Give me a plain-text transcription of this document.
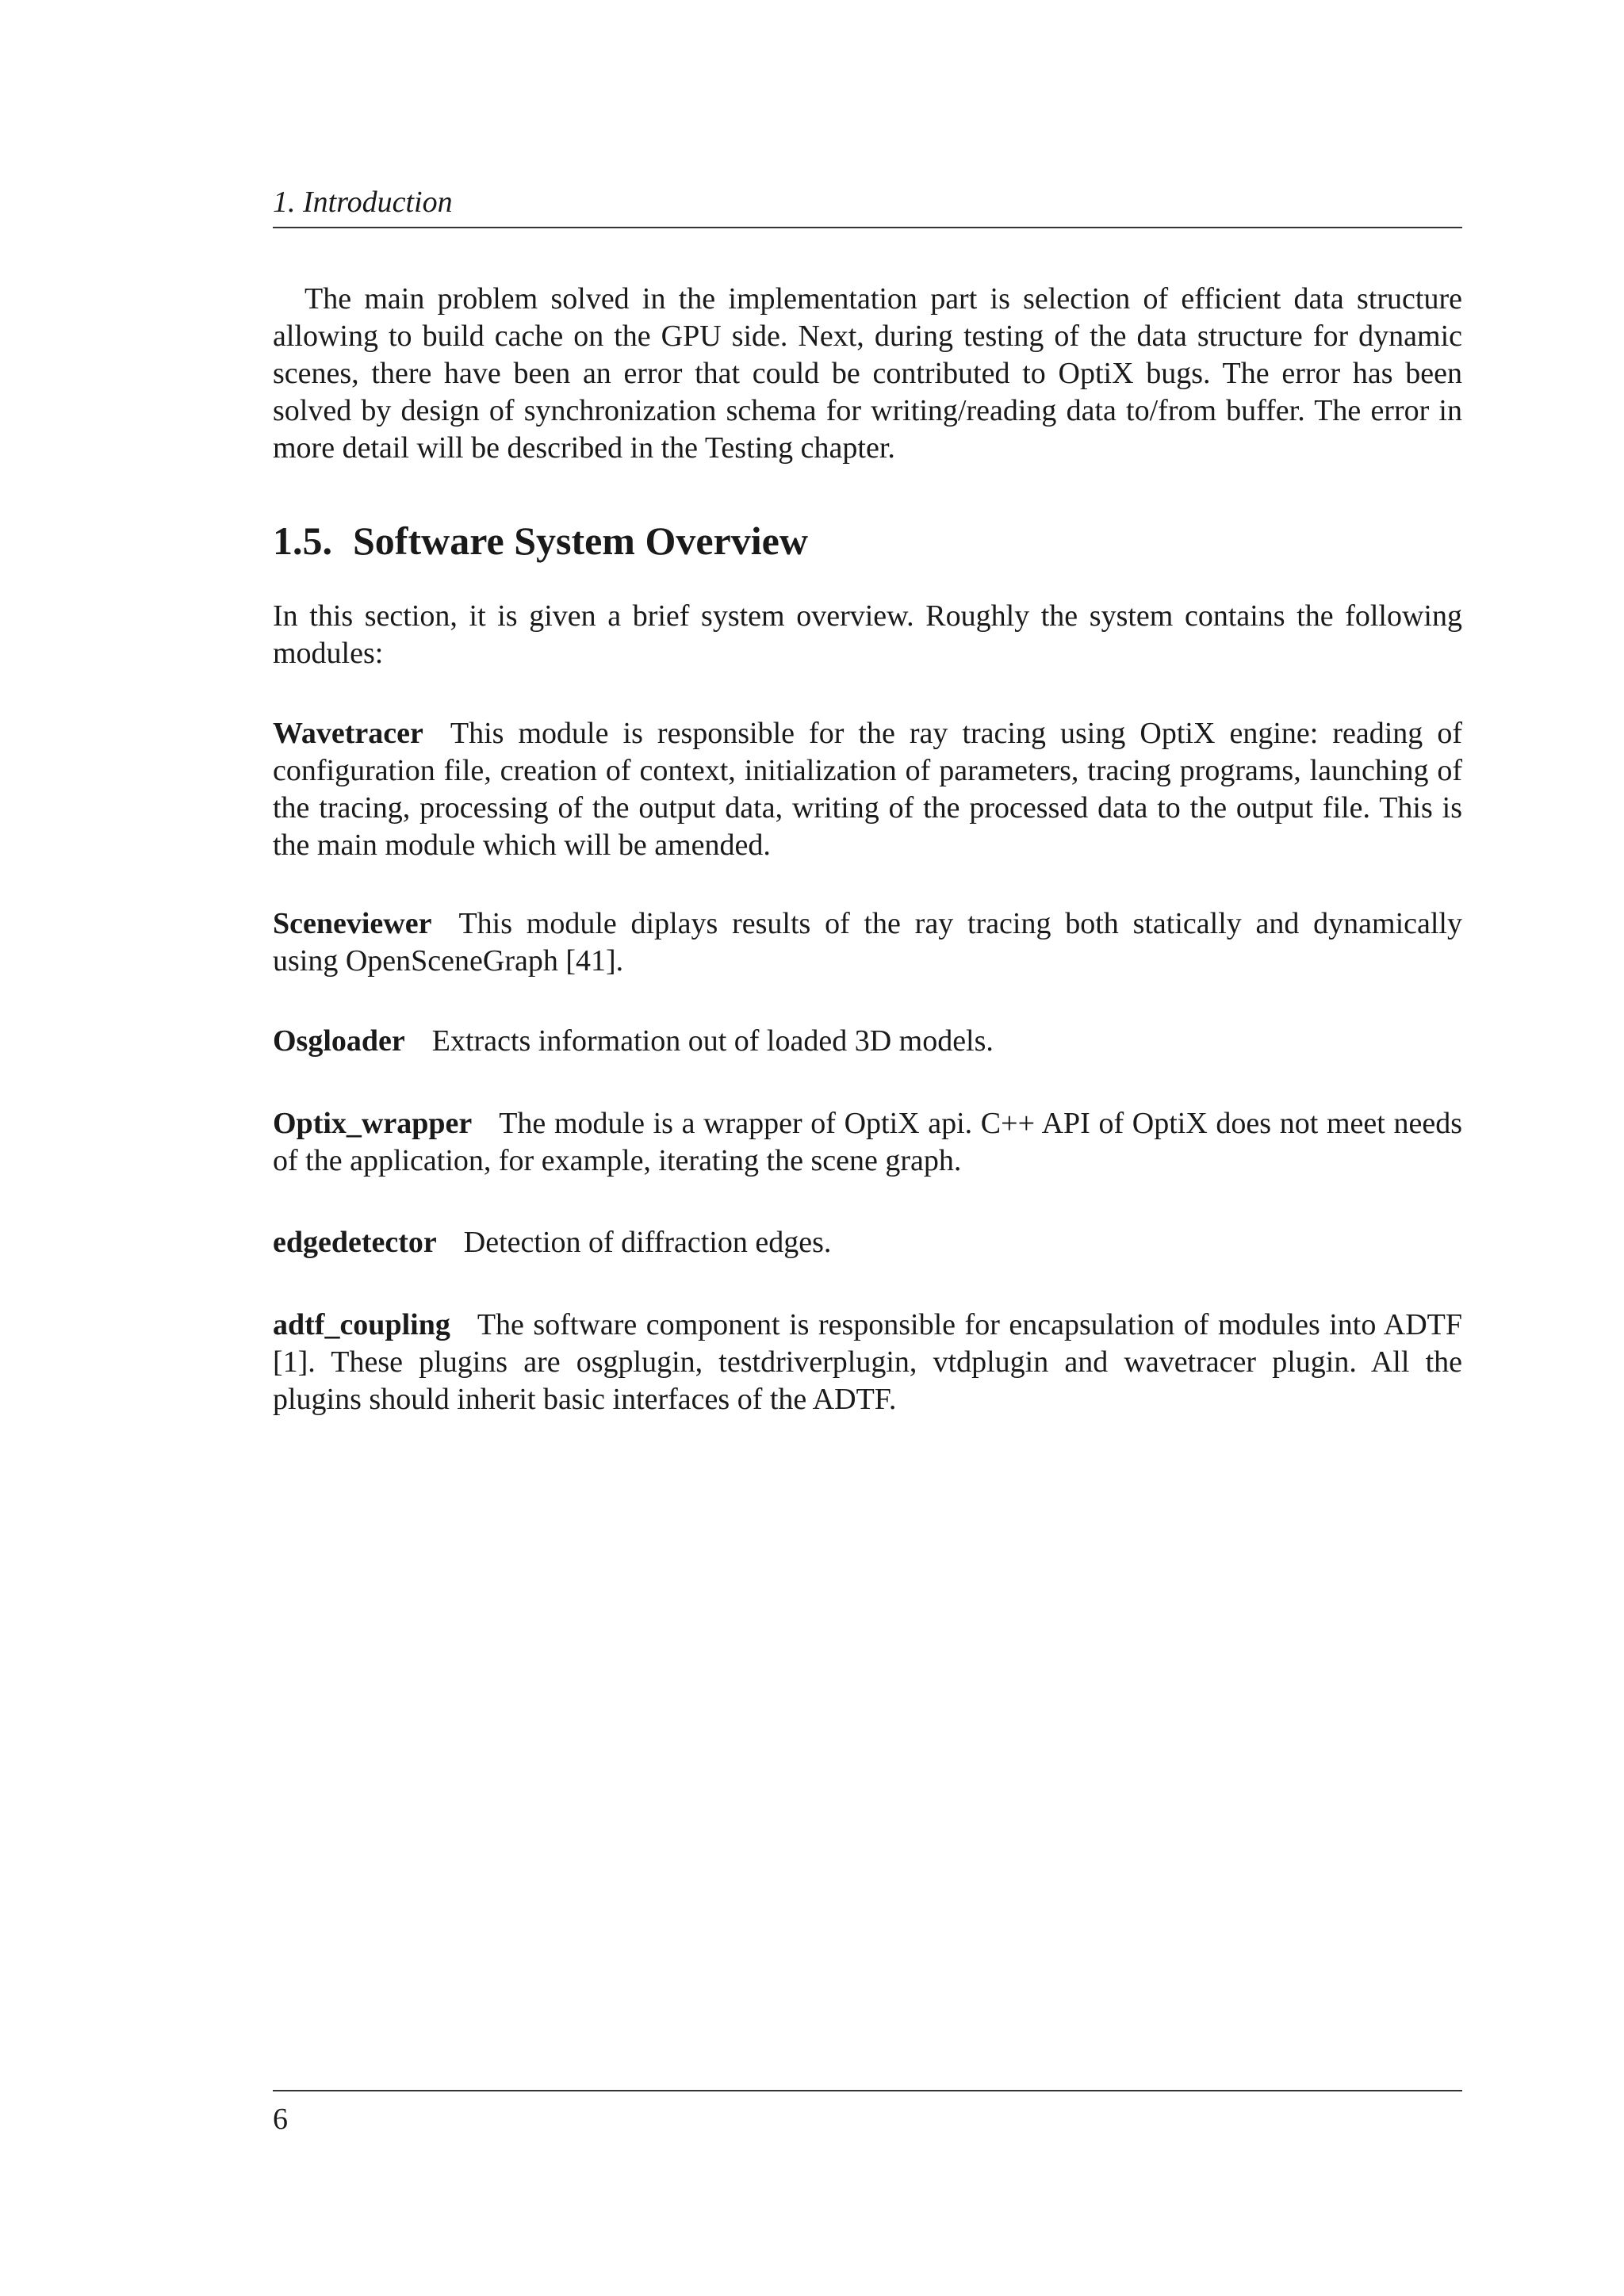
1. Introduction

The main problem solved in the implementation part is selection of efficient data structure allowing to build cache on the GPU side. Next, during testing of the data structure for dynamic scenes, there have been an error that could be contributed to OptiX bugs. The error has been solved by design of synchronization schema for writing/reading data to/from buffer. The error in more detail will be described in the Testing chapter.

1.5. Software System Overview

In this section, it is given a brief system overview. Roughly the system contains the following modules:

Wavetracer This module is responsible for the ray tracing using OptiX engine: reading of configuration file, creation of context, initialization of parameters, tracing programs, launching of the tracing, processing of the output data, writing of the processed data to the output file. This is the main module which will be amended.

Sceneviewer This module diplays results of the ray tracing both statically and dynamically using OpenSceneGraph [41].

Osgloader Extracts information out of loaded 3D models.

Optix_wrapper The module is a wrapper of OptiX api. C++ API of OptiX does not meet needs of the application, for example, iterating the scene graph.

edgedetector Detection of diffraction edges.

adtf_coupling The software component is responsible for encapsulation of modules into ADTF [1]. These plugins are osgplugin, testdriverplugin, vtdplugin and wavetracer plugin. All the plugins should inherit basic interfaces of the ADTF.

6
